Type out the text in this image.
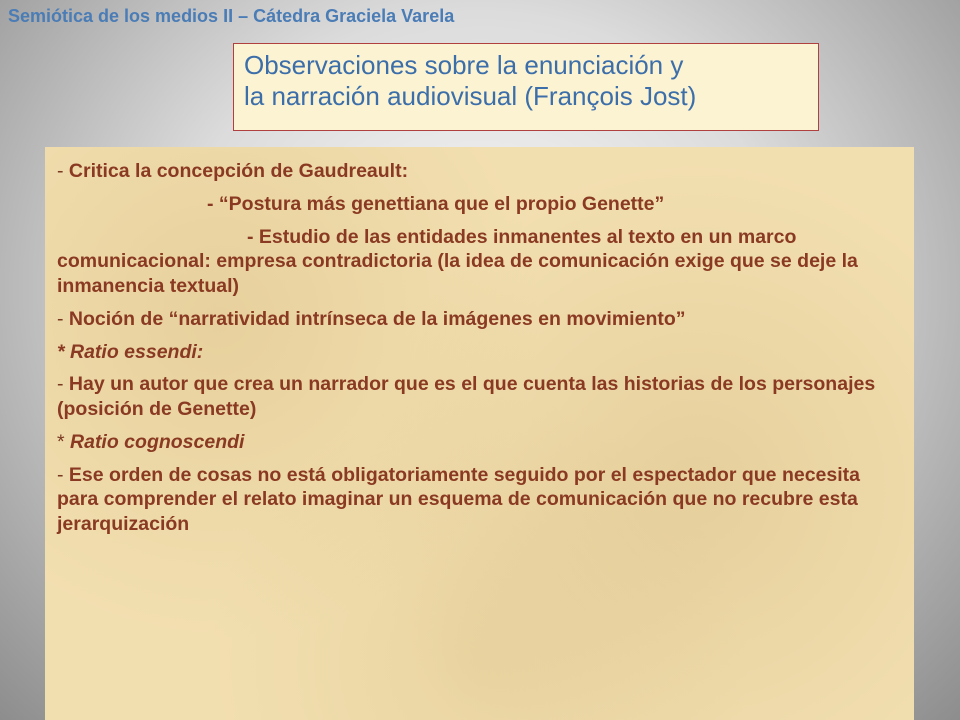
Semiótica de los medios II – Cátedra Graciela Varela
Observaciones sobre la enunciación y
la narración audiovisual (François Jost)

- Critica la concepción de Gaudreault:

- “Postura más genettiana que el propio Genette”

- Estudio de las entidades inmanentes al texto en un marco comunicacional: empresa contradictoria (la idea de comunicación exige que se deje la inmanencia textual)

- Noción de “narratividad intrínseca de la imágenes en movimiento”

* Ratio essendi:

- Hay un autor que crea un narrador que es el que cuenta las historias de los personajes (posición de Genette)

* Ratio cognoscendi

- Ese orden de cosas no está obligatoriamente seguido por el espectador que necesita para comprender el relato imaginar un esquema de comunicación que no recubre esta jerarquización
